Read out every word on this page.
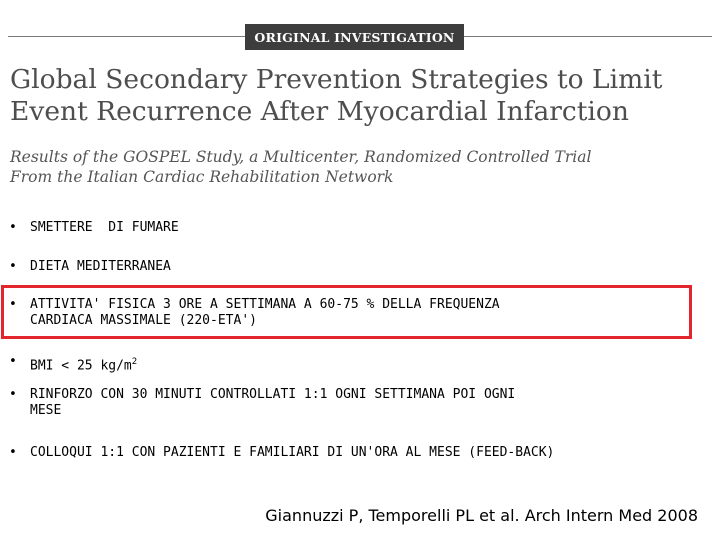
ORIGINAL INVESTIGATION
Global Secondary Prevention Strategies to Limit
Event Recurrence After Myocardial Infarction
Results of the GOSPEL Study, a Multicenter, Randomized Controlled Trial
From the Italian Cardiac Rehabilitation Network
• SMETTERE  DI FUMARE
• DIETA MEDITERRANEA
• ATTIVITA' FISICA 3 ORE A SETTIMANA A 60-75 % DELLA FREQUENZA
CARDIACA MASSIMALE (220-ETA')
• BMI < 25 $kg/m^2$
• RINFORZO CON 30 MINUTI CONTROLLATI 1:1 OGNI SETTIMANA POI OGNI
MESE
• COLLOQUI 1:1 CON PAZIENTI E FAMILIARI DI UN'ORA AL MESE (FEED-BACK)
Giannuzzi P, Temporelli PL et al. Arch Intern Med 2008
